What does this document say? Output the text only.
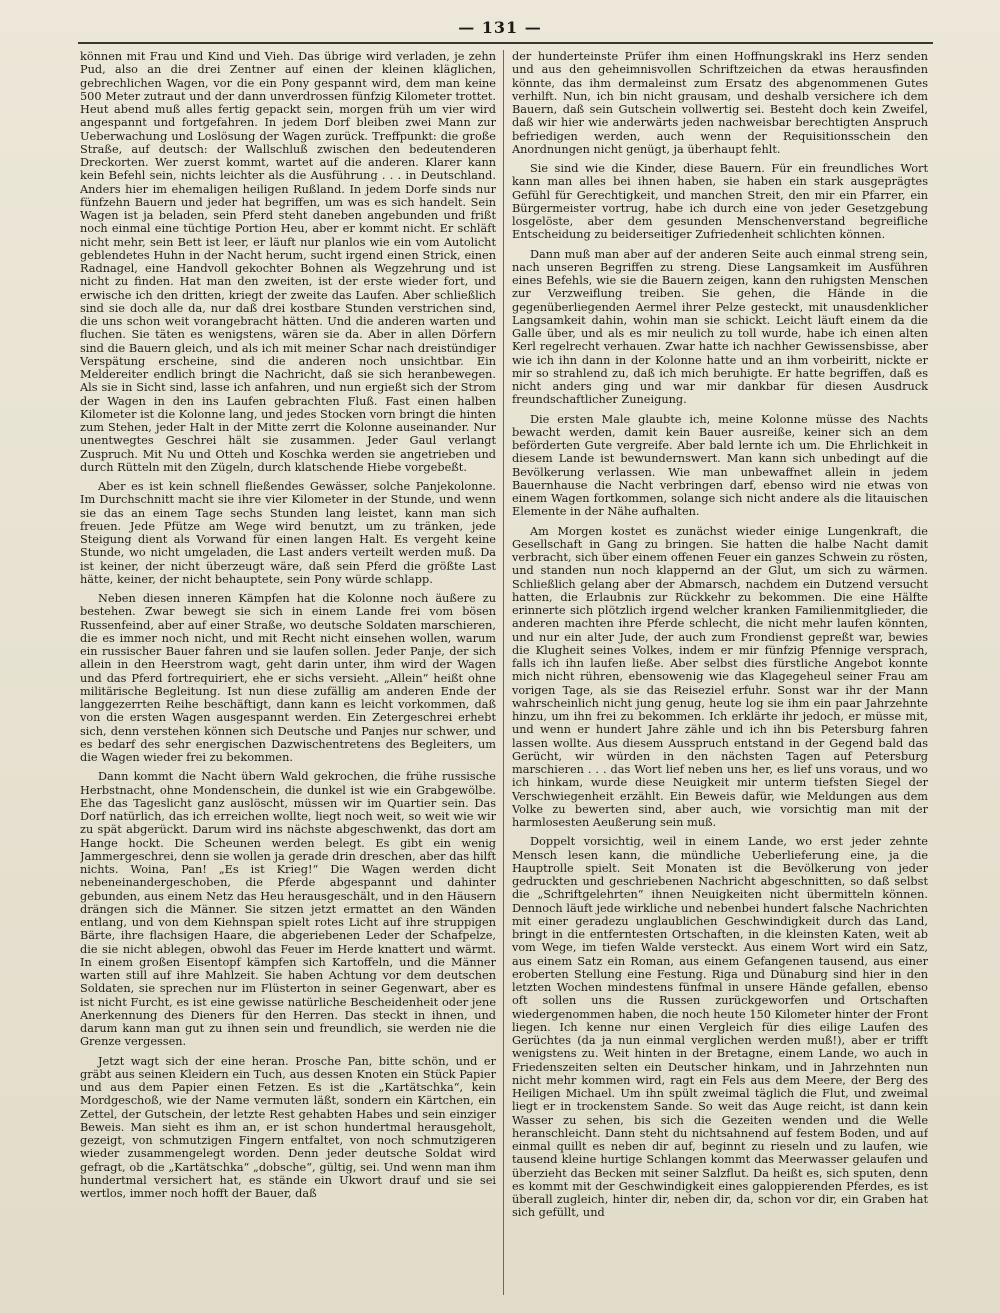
— 131 —

können mit Frau und Kind und Vieh. Das übrige wird verladen, je zehn Pud, also an die drei Zentner auf einen der kleinen kläglichen, gebrechlichen Wagen, vor die ein Pony gespannt wird, dem man keine 500 Meter zutraut und der dann unverdrossen fünfzig Kilometer trottet. Heut abend muß alles fertig gepackt sein, morgen früh um vier wird angespannt und fortgefahren. In jedem Dorf bleiben zwei Mann zur Ueberwachung und Loslösung der Wagen zurück. Treffpunkt: die große Straße, auf deutsch: der Wallschluß zwischen den bedeutenderen Dreckorten. Wer zuerst kommt, wartet auf die anderen. Klarer kann kein Befehl sein, nichts leichter als die Ausführung . . . in Deutschland. Anders hier im ehemaligen heiligen Rußland. In jedem Dorfe sinds nur fünfzehn Bauern und jeder hat begriffen, um was es sich handelt. Sein Wagen ist ja beladen, sein Pferd steht daneben angebunden und frißt noch einmal eine tüchtige Portion Heu, aber er kommt nicht. Er schläft nicht mehr, sein Bett ist leer, er läuft nur planlos wie ein vom Autolicht geblendetes Huhn in der Nacht herum, sucht irgend einen Strick, einen Radnagel, eine Handvoll gekochter Bohnen als Wegzehrung und ist nicht zu finden. Hat man den zweiten, ist der erste wieder fort, und erwische ich den dritten, kriegt der zweite das Laufen. Aber schließlich sind sie doch alle da, nur daß drei kostbare Stunden verstrichen sind, die uns schon weit vorangebracht hätten. Und die anderen warten und fluchen. Sie täten es wenigstens, wären sie da. Aber in allen Dörfern sind die Bauern gleich, und als ich mit meiner Schar nach dreistündiger Verspätung erscheine, sind die anderen noch unsichtbar. Ein Meldereiter endlich bringt die Nachricht, daß sie sich heranbewegen. Als sie in Sicht sind, lasse ich anfahren, und nun ergießt sich der Strom der Wagen in den ins Laufen gebrachten Fluß. Fast einen halben Kilometer ist die Kolonne lang, und jedes Stocken vorn bringt die hinten zum Stehen, jeder Halt in der Mitte zerrt die Kolonne auseinander. Nur unentwegtes Geschrei hält sie zusammen. Jeder Gaul verlangt Zuspruch. Mit Nu und Otteh und Koschka werden sie angetrieben und durch Rütteln mit den Zügeln, durch klatschende Hiebe vorgebeßt.

Aber es ist kein schnell fließendes Gewässer, solche Panjekolonne. Im Durchschnitt macht sie ihre vier Kilometer in der Stunde, und wenn sie das an einem Tage sechs Stunden lang leistet, kann man sich freuen. Jede Pfütze am Wege wird benutzt, um zu tränken, jede Steigung dient als Vorwand für einen langen Halt. Es vergeht keine Stunde, wo nicht umgeladen, die Last anders verteilt werden muß. Da ist keiner, der nicht überzeugt wäre, daß sein Pferd die größte Last hätte, keiner, der nicht behauptete, sein Pony würde schlapp.

Neben diesen inneren Kämpfen hat die Kolonne noch äußere zu bestehen. Zwar bewegt sie sich in einem Lande frei vom bösen Russenfeind, aber auf einer Straße, wo deutsche Soldaten marschieren, die es immer noch nicht, und mit Recht nicht einsehen wollen, warum ein russischer Bauer fahren und sie laufen sollen. Jeder Panje, der sich allein in den Heerstrom wagt, geht darin unter, ihm wird der Wagen und das Pferd fortrequiriert, ehe er sichs versieht. „Allein“ heißt ohne militärische Begleitung. Ist nun diese zufällig am anderen Ende der langgezerrten Reihe beschäftigt, dann kann es leicht vorkommen, daß von die ersten Wagen ausgespannt werden. Ein Zetergeschrei erhebt sich, denn verstehen können sich Deutsche und Panjes nur schwer, und es bedarf des sehr energischen Dazwischentretens des Begleiters, um die Wagen wieder frei zu bekommen.

Dann kommt die Nacht übern Wald gekrochen, die frühe russische Herbstnacht, ohne Mondenschein, die dunkel ist wie ein Grabgewölbe. Ehe das Tageslicht ganz auslöscht, müssen wir im Quartier sein. Das Dorf natürlich, das ich erreichen wollte, liegt noch weit, so weit wie wir zu spät abgerückt. Darum wird ins nächste abgeschwenkt, das dort am Hange hockt. Die Scheunen werden belegt. Es gibt ein wenig Jammergeschrei, denn sie wollen ja gerade drin dreschen, aber das hilft nichts. Woina, Pan! „Es ist Krieg!“ Die Wagen werden dicht nebeneinandergeschoben, die Pferde abgespannt und dahinter gebunden, aus einem Netz das Heu herausgeschält, und in den Häusern drängen sich die Männer. Sie sitzen jetzt ermattet an den Wänden entlang, und von dem Kiehnspan spielt rotes Licht auf ihre struppigen Bärte, ihre flachsigen Haare, die abgeriebenen Leder der Schafpelze, die sie nicht ablegen, obwohl das Feuer im Herde knattert und wärmt. In einem großen Eisentopf kämpfen sich Kartoffeln, und die Männer warten still auf ihre Mahlzeit. Sie haben Achtung vor dem deutschen Soldaten, sie sprechen nur im Flüsterton in seiner Gegenwart, aber es ist nicht Furcht, es ist eine gewisse natürliche Bescheidenheit oder jene Anerkennung des Dieners für den Herren. Das steckt in ihnen, und darum kann man gut zu ihnen sein und freundlich, sie werden nie die Grenze vergessen.

Jetzt wagt sich der eine heran. Prosche Pan, bitte schön, und er gräbt aus seinen Kleidern ein Tuch, aus dessen Knoten ein Stück Papier und aus dem Papier einen Fetzen. Es ist die „Kartätschka“, kein Mordgeschoß, wie der Name vermuten läßt, sondern ein Kärtchen, ein Zettel, der Gutschein, der letzte Rest gehabten Habes und sein einziger Beweis. Man sieht es ihm an, er ist schon hundertmal herausgeholt, gezeigt, von schmutzigen Fingern entfaltet, von noch schmutzigeren wieder zusammengelegt worden. Denn jeder deutsche Soldat wird gefragt, ob die „Kartätschka“ „dobsche“, gültig, sei. Und wenn man ihm hundertmal versichert hat, es stände ein Ukwort drauf und sie sei wertlos, immer noch hofft der Bauer, daß

der hunderteinste Prüfer ihm einen Hoffnungskrakl ins Herz senden und aus den geheimnisvollen Schriftzeichen da etwas herausfinden könnte, das ihm dermaleinst zum Ersatz des abgenommenen Gutes verhilft. Nun, ich bin nicht grausam, und deshalb versichere ich dem Bauern, daß sein Gutschein vollwertig sei. Besteht doch kein Zweifel, daß wir hier wie anderwärts jeden nachweisbar berechtigten Anspruch befriedigen werden, auch wenn der Requisitionsschein den Anordnungen nicht genügt, ja überhaupt fehlt.

Sie sind wie die Kinder, diese Bauern. Für ein freundliches Wort kann man alles bei ihnen haben, sie haben ein stark ausgeprägtes Gefühl für Gerechtigkeit, und manchen Streit, den mir ein Pfarrer, ein Bürgermeister vortrug, habe ich durch eine von jeder Gesetzgebung losgelöste, aber dem gesunden Menschenverstand begreifliche Entscheidung zu beiderseitiger Zufriedenheit schlichten können.

Dann muß man aber auf der anderen Seite auch einmal streng sein, nach unseren Begriffen zu streng. Diese Langsamkeit im Ausführen eines Befehls, wie sie die Bauern zeigen, kann den ruhigsten Menschen zur Verzweiflung treiben. Sie gehen, die Hände in die gegenüberliegenden Aermel ihrer Pelze gesteckt, mit unausdenklicher Langsamkeit dahin, wohin man sie schickt. Leicht läuft einem da die Galle über, und als es mir neulich zu toll wurde, habe ich einen alten Kerl regelrecht verhauen. Zwar hatte ich nachher Gewissensbisse, aber wie ich ihn dann in der Kolonne hatte und an ihm vorbeiritt, nickte er mir so strahlend zu, daß ich mich beruhigte. Er hatte begriffen, daß es nicht anders ging und war mir dankbar für diesen Ausdruck freundschaftlicher Zuneigung.

Die ersten Male glaubte ich, meine Kolonne müsse des Nachts bewacht werden, damit kein Bauer ausreiße, keiner sich an dem beförderten Gute vergreife. Aber bald lernte ich um. Die Ehrlichkeit in diesem Lande ist bewundernswert. Man kann sich unbedingt auf die Bevölkerung verlassen. Wie man unbewaffnet allein in jedem Bauernhause die Nacht verbringen darf, ebenso wird nie etwas von einem Wagen fortkommen, solange sich nicht andere als die litauischen Elemente in der Nähe aufhalten.

Am Morgen kostet es zunächst wieder einige Lungenkraft, die Gesellschaft in Gang zu bringen. Sie hatten die halbe Nacht damit verbracht, sich über einem offenen Feuer ein ganzes Schwein zu rösten, und standen nun noch klappernd an der Glut, um sich zu wärmen. Schließlich gelang aber der Abmarsch, nachdem ein Dutzend versucht hatten, die Erlaubnis zur Rückkehr zu bekommen. Die eine Hälfte erinnerte sich plötzlich irgend welcher kranken Familienmitglieder, die anderen machten ihre Pferde schlecht, die nicht mehr laufen könnten, und nur ein alter Jude, der auch zum Frondienst gepreßt war, bewies die Klugheit seines Volkes, indem er mir fünfzig Pfennige versprach, falls ich ihn laufen ließe. Aber selbst dies fürstliche Angebot konnte mich nicht rühren, ebensowenig wie das Klagegeheul seiner Frau am vorigen Tage, als sie das Reiseziel erfuhr. Sonst war ihr der Mann wahrscheinlich nicht jung genug, heute log sie ihm ein paar Jahrzehnte hinzu, um ihn frei zu bekommen. Ich erklärte ihr jedoch, er müsse mit, und wenn er hundert Jahre zähle und ich ihn bis Petersburg fahren lassen wollte. Aus diesem Ausspruch entstand in der Gegend bald das Gerücht, wir würden in den nächsten Tagen auf Petersburg marschieren . . . das Wort lief neben uns her, es lief uns voraus, und wo ich hinkam, wurde diese Neuigkeit mir unterm tiefsten Siegel der Verschwiegenheit erzählt. Ein Beweis dafür, wie Meldungen aus dem Volke zu bewerten sind, aber auch, wie vorsichtig man mit der harmlosesten Aeußerung sein muß.

Doppelt vorsichtig, weil in einem Lande, wo erst jeder zehnte Mensch lesen kann, die mündliche Ueberlieferung eine, ja die Hauptrolle spielt. Seit Monaten ist die Bevölkerung von jeder gedruckten und geschriebenen Nachricht abgeschnitten, so daß selbst die „Schriftgelehrten“ ihnen Neuigkeiten nicht übermitteln können. Dennoch läuft jede wirkliche und nebenbei hundert falsche Nachrichten mit einer geradezu unglaublichen Geschwindigkeit durch das Land, bringt in die entferntesten Ortschaften, in die kleinsten Katen, weit ab vom Wege, im tiefen Walde versteckt. Aus einem Wort wird ein Satz, aus einem Satz ein Roman, aus einem Gefangenen tausend, aus einer eroberten Stellung eine Festung. Riga und Dünaburg sind hier in den letzten Wochen mindestens fünfmal in unsere Hände gefallen, ebenso oft sollen uns die Russen zurückgeworfen und Ortschaften wiedergenommen haben, die noch heute 150 Kilometer hinter der Front liegen. Ich kenne nur einen Vergleich für dies eilige Laufen des Gerüchtes (da ja nun einmal verglichen werden muß!), aber er trifft wenigstens zu. Weit hinten in der Bretagne, einem Lande, wo auch in Friedenszeiten selten ein Deutscher hinkam, und in Jahrzehnten nun nicht mehr kommen wird, ragt ein Fels aus dem Meere, der Berg des Heiligen Michael. Um ihn spült zweimal täglich die Flut, und zweimal liegt er in trockenstem Sande. So weit das Auge reicht, ist dann kein Wasser zu sehen, bis sich die Gezeiten wenden und die Welle heranschleicht. Dann steht du nichtsahnend auf festem Boden, und auf einmal quillt es neben dir auf, beginnt zu rieseln und zu laufen, wie tausend kleine hurtige Schlangen kommt das Meerwasser gelaufen und überzieht das Becken mit seiner Salzflut. Da heißt es, sich sputen, denn es kommt mit der Geschwindigkeit eines galoppierenden Pferdes, es ist überall zugleich, hinter dir, neben dir, da, schon vor dir, ein Graben hat sich gefüllt, und
